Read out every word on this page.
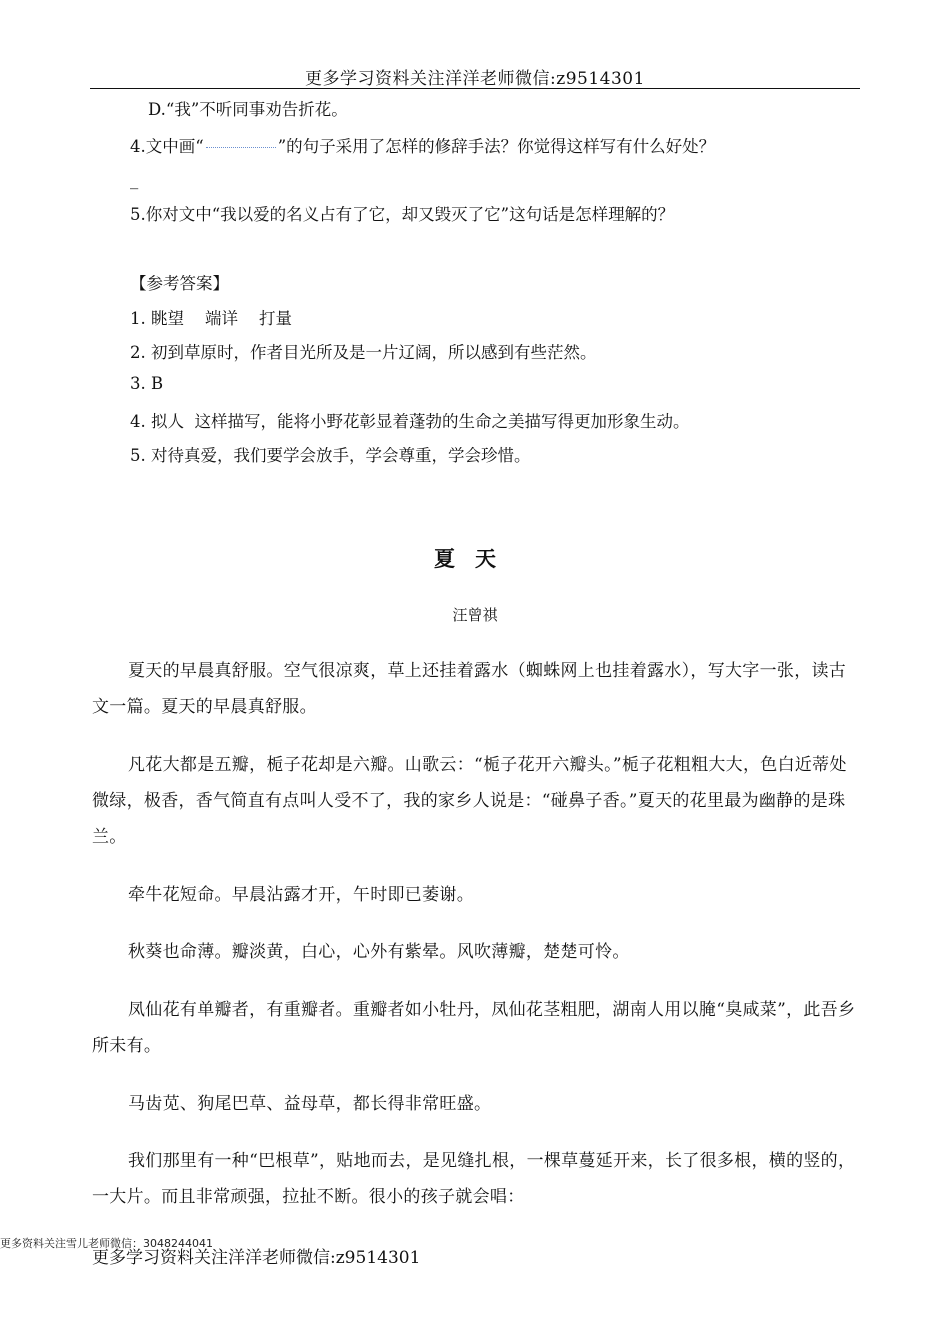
更多学习资料关注洋洋老师微信:z9514301
D.“我”不听同事劝告折花。
4.文中画“	”的句子采用了怎样的修辞手法？你觉得这样写有什么好处？
_
5.你对文中“我以爱的名义占有了它，却又毁灭了它”这句话是怎样理解的？
【参考答案】
1. 眺望    端详    打量
2. 初到草原时，作者目光所及是一片辽阔，所以感到有些茫然。
3. B
4. 拟人  这样描写，能将小野花彰显着蓬勃的生命之美描写得更加形象生动。
5. 对待真爱，我们要学会放手，学会尊重，学会珍惜。
夏天
汪曾祺
夏天的早晨真舒服。空气很凉爽，草上还挂着露水（蜘蛛网上也挂着露水），写大字一张，读古文一篇。夏天的早晨真舒服。
凡花大都是五瓣，栀子花却是六瓣。山歌云：“栀子花开六瓣头。”栀子花粗粗大大，色白近蒂处微绿，极香，香气简直有点叫人受不了，我的家乡人说是：“碰鼻子香。”夏天的花里最为幽静的是珠兰。
牵牛花短命。早晨沾露才开，午时即已萎谢。
秋葵也命薄。瓣淡黄，白心，心外有紫晕。风吹薄瓣，楚楚可怜。
凤仙花有单瓣者，有重瓣者。重瓣者如小牡丹，凤仙花茎粗肥，湖南人用以腌“臭咸菜”，此吾乡所未有。
马齿苋、狗尾巴草、益母草，都长得非常旺盛。
我们那里有一种“巴根草”，贴地而去，是见缝扎根，一棵草蔓延开来，长了很多根，横的竖的，一大片。而且非常顽强，拉扯不断。很小的孩子就会唱：
更多资料关注雪儿老师微信：3048244041
更多学习资料关注洋洋老师微信:z9514301
